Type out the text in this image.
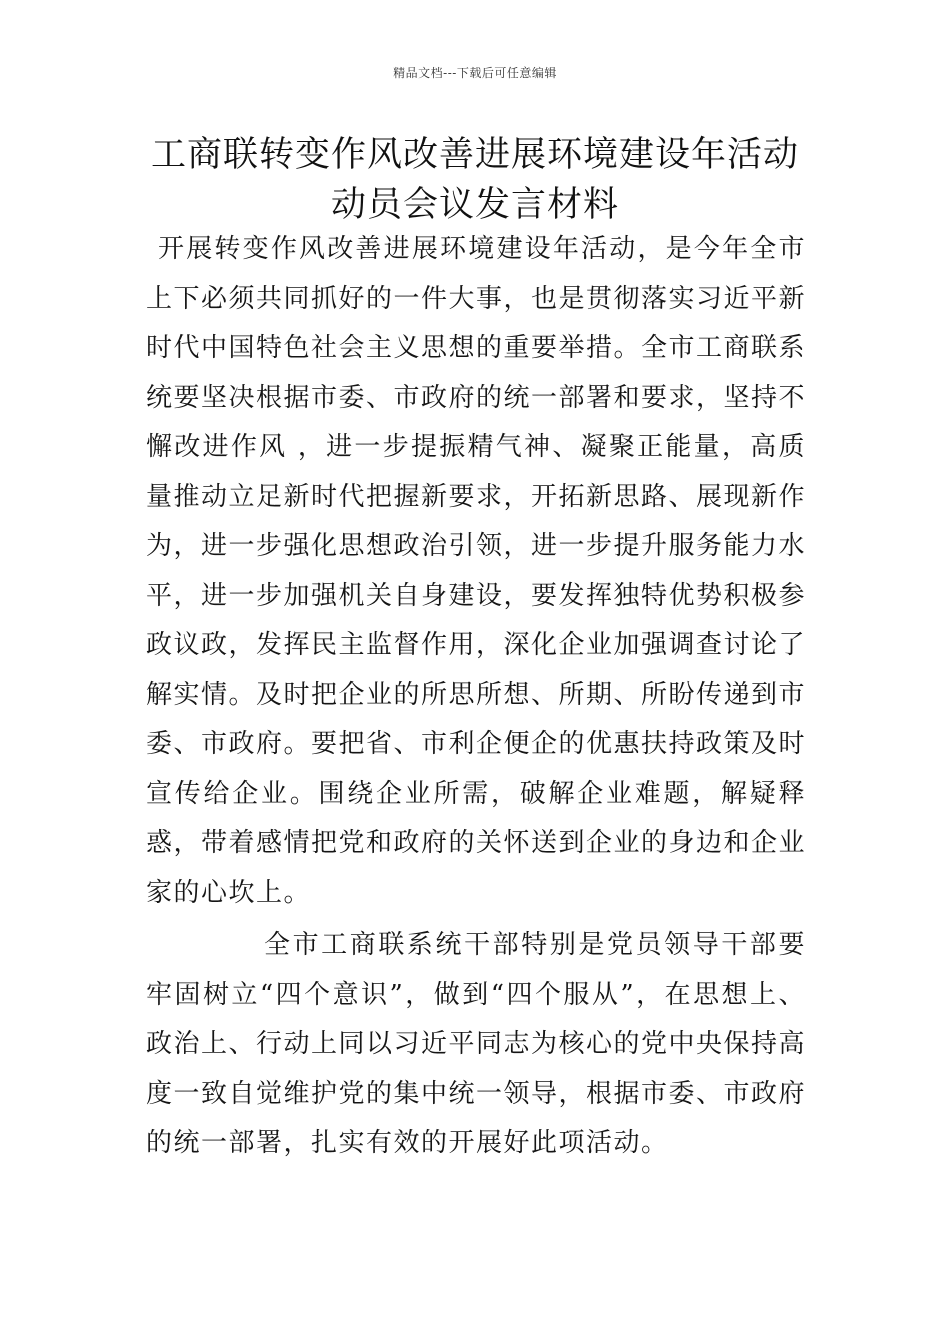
精品文档---下载后可任意编辑
工商联转变作风改善进展环境建设年活动动员会议发言材料

开展转变作风改善进展环境建设年活动，是今年全市上下必须共同抓好的一件大事，也是贯彻落实习近平新时代中国特色社会主义思想的重要举措。全市工商联系统要坚决根据市委、市政府的统一部署和要求，坚持不懈改进作风 ，进一步提振精气神、凝聚正能量，高质量推动立足新时代把握新要求，开拓新思路、展现新作为，进一步强化思想政治引领，进一步提升服务能力水平，进一步加强机关自身建设，要发挥独特优势积极参政议政，发挥民主监督作用，深化企业加强调查讨论了解实情。及时把企业的所思所想、所期、所盼传递到市委、市政府。要把省、市利企便企的优惠扶持政策及时宣传给企业。围绕企业所需，破解企业难题，解疑释惑，带着感情把党和政府的关怀送到企业的身边和企业家的心坎上。

全市工商联系统干部特别是党员领导干部要牢固树立“四个意识”，做到“四个服从”，在思想上、政治上、行动上同以习近平同志为核心的党中央保持高度一致自觉维护党的集中统一领导，根据市委、市政府的统一部署，扎实有效的开展好此项活动。
